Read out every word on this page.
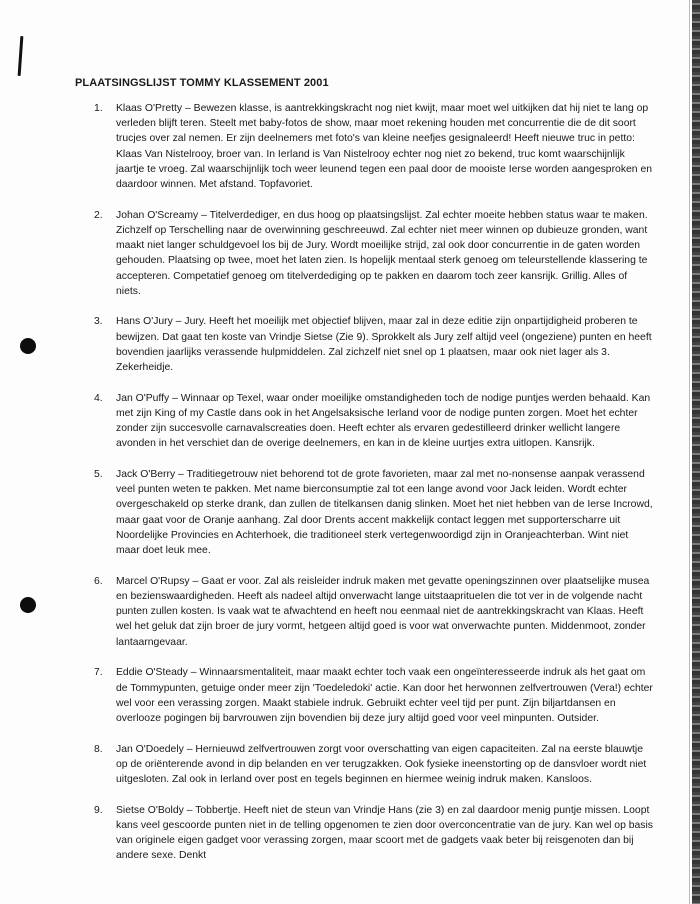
PLAATSINGSLIJST TOMMY KLASSEMENT 2001
1. Klaas O'Pretty – Bewezen klasse, is aantrekkingskracht nog niet kwijt, maar moet wel uitkijken dat hij niet te lang op verleden blijft teren. Steelt met baby-fotos de show, maar moet rekening houden met concurrentie die de dit soort trucjes over zal nemen. Er zijn deelnemers met foto's van kleine neefjes gesignaleerd! Heeft nieuwe truc in petto: Klaas Van Nistelrooy, broer van. In Ierland is Van Nistelrooy echter nog niet zo bekend, truc komt waarschijnlijk jaartje te vroeg. Zal waarschijnlijk toch weer leunend tegen een paal door de mooiste Ierse worden aangesproken en daardoor winnen. Met afstand. Topfavoriet.
2. Johan O'Screamy – Titelverdediger, en dus hoog op plaatsingslijst. Zal echter moeite hebben status waar te maken. Zichzelf op Terschelling naar de overwinning geschreeuwd. Zal echter niet meer winnen op dubieuze gronden, want maakt niet langer schuldgevoel los bij de Jury. Wordt moeilijke strijd, zal ook door concurrentie in de gaten worden gehouden. Plaatsing op twee, moet het laten zien. Is hopelijk mentaal sterk genoeg om teleurstellende klassering te accepteren. Competatief genoeg om titelverdediging op te pakken en daarom toch zeer kansrijk. Grillig. Alles of niets.
3. Hans O'Jury – Jury. Heeft het moeilijk met objectief blijven, maar zal in deze editie zijn onpartijdigheid proberen te bewijzen. Dat gaat ten koste van Vrindje Sietse (Zie 9). Sprokkelt als Jury zelf altijd veel (ongeziene) punten en heeft bovendien jaarlijks verassende hulpmiddelen. Zal zichzelf niet snel op 1 plaatsen, maar ook niet lager als 3. Zekerheidje.
4. Jan O'Puffy – Winnaar op Texel, waar onder moeilijke omstandigheden toch de nodige puntjes werden behaald. Kan met zijn King of my Castle dans ook in het Angelsaksische Ierland voor de nodige punten zorgen. Moet het echter zonder zijn succesvolle carnavalscreaties doen. Heeft echter als ervaren gedestilleerd drinker wellicht langere avonden in het verschiet dan de overige deelnemers, en kan in de kleine uurtjes extra uitlopen. Kansrijk.
5. Jack O'Berry – Traditiegetrouw niet behorend tot de grote favorieten, maar zal met no-nonsense aanpak verassend veel punten weten te pakken. Met name bierconsumptie zal tot een lange avond voor Jack leiden. Wordt echter overgeschakeld op sterke drank, dan zullen de titelkansen danig slinken. Moet het niet hebben van de Ierse Incrowd, maar gaat voor de Oranje aanhang. Zal door Drents accent makkelijk contact leggen met supporterscharre uit Noordelijke Provincies en Achterhoek, die traditioneel sterk vertegenwoordigd zijn in Oranjeachterban. Wint niet maar doet leuk mee.
6. Marcel O'Rupsy – Gaat er voor. Zal als reisleider indruk maken met gevatte openingszinnen over plaatselijke musea en bezienswaardigheden. Heeft als nadeel altijd onverwacht lange uitstaapritueIen die tot ver in de volgende nacht punten zullen kosten. Is vaak wat te afwachtend en heeft nou eenmaal niet de aantrekkingskracht van Klaas. Heeft wel het geluk dat zijn broer de jury vormt, hetgeen altijd goed is voor wat onverwachte punten. Middenmoot, zonder lantaarngevaar.
7. Eddie O'Steady – Winnaarsmentaliteit, maar maakt echter toch vaak een ongeïnteresseerde indruk als het gaat om de Tommypunten, getuige onder meer zijn 'Toedeledoki' actie. Kan door het herwonnen zelfvertrouwen (Vera!) echter wel voor een verassing zorgen. Maakt stabiele indruk. Gebruikt echter veel tijd per punt. Zijn biljartdansen en overlooze pogingen bij barvrouwen zijn bovendien bij deze jury altijd goed voor veel minpunten. Outsider.
8. Jan O'Doedely – Hernieuwd zelfvertrouwen zorgt voor overschatting van eigen capaciteiten. Zal na eerste blauwtje op de oriënterende avond in dip belanden en ver terugzakken. Ook fysieke ineenstorting op de dansvloer wordt niet uitgesloten. Zal ook in Ierland over post en tegels beginnen en hiermee weinig indruk maken. Kansloos.
9. Sietse O'Boldy – Tobbertje. Heeft niet de steun van Vrindje Hans (zie 3) en zal daardoor menig puntje missen. Loopt kans veel gescoorde punten niet in de telling opgenomen te zien door overconcentratie van de jury. Kan wel op basis van originele eigen gadget voor verassing zorgen, maar scoort met de gadgets vaak beter bij reisgenoten dan bij andere sexe. Denkt
